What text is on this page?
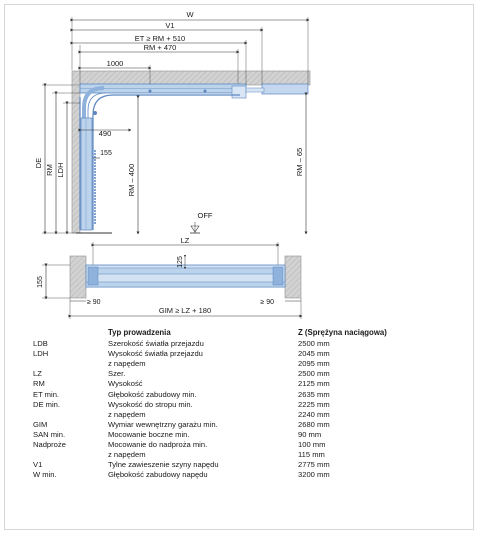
W
V1
ET ≥ RM + 510
RM + 470
1000
DE
RM LDH
490
155
RM – 400
RM – 65
OFF
LZ
125
155
≥ 90	≥ 90
GIM ≥ LZ + 180
	Typ prowadzenia	Z (Sprężyna naciągowa)
LDB	Szerokość światła przejazdu	2500 mm
LDH	Wysokość światła przejazdu	2045 mm
	z napędem	2095 mm
LZ	Szer.	2500 mm
RM	Wysokość	2125 mm
ET min.	Głębokość zabudowy min.	2635 mm
DE min.	Wysokość do stropu min.	2225 mm
	z napędem	2240 mm
GIM	Wymiar wewnętrzny garażu min.	2680 mm
SAN min.	Mocowanie boczne min.	90 mm
Nadproże	Mocowanie do nadproża min.	100 mm
	z napędem	115 mm
V1	Tylne zawieszenie szyny napędu	2775 mm
W min.	Głębokość zabudowy napędu	3200 mm
